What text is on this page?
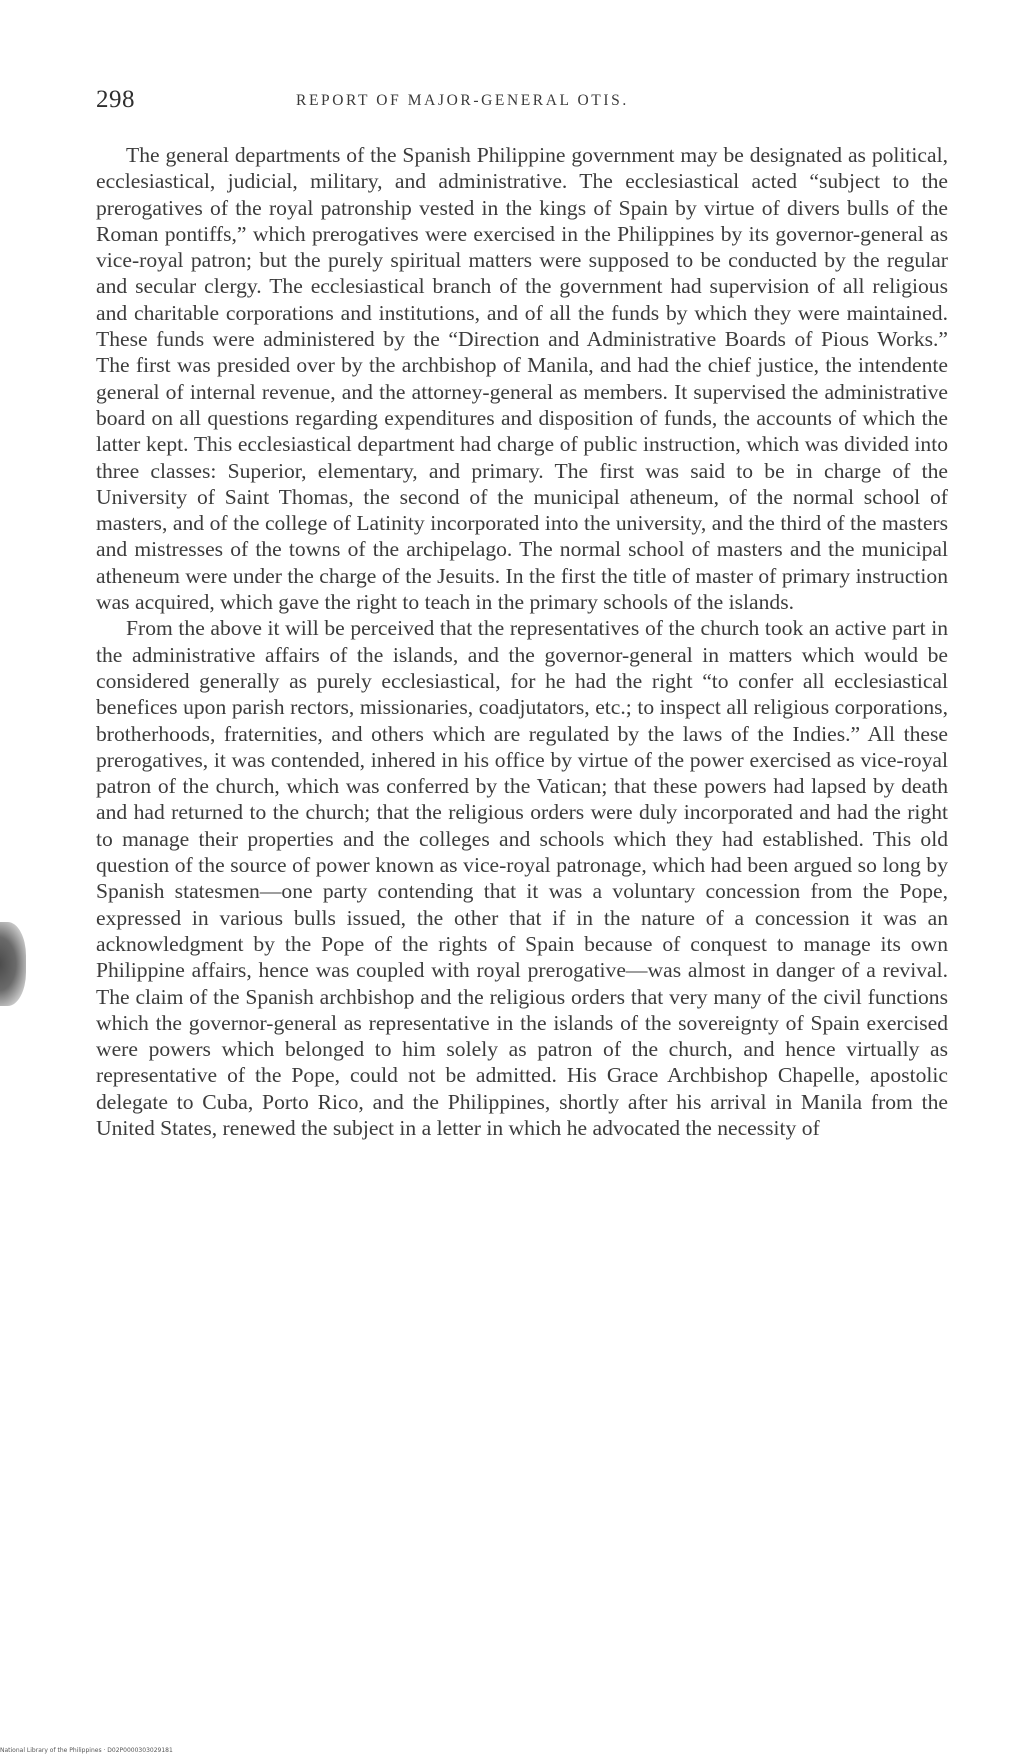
298	REPORT OF MAJOR-GENERAL OTIS.

The general departments of the Spanish Philippine government may be designated as political, ecclesiastical, judicial, military, and administrative. The ecclesiastical acted “subject to the prerogatives of the royal patronship vested in the kings of Spain by virtue of divers bulls of the Roman pontiffs,” which prerogatives were exercised in the Philippines by its governor-general as vice-royal patron; but the purely spiritual matters were supposed to be conducted by the regular and secular clergy. The ecclesiastical branch of the government had supervision of all religious and charitable corporations and institutions, and of all the funds by which they were maintained. These funds were administered by the “Direction and Administrative Boards of Pious Works.” The first was presided over by the archbishop of Manila, and had the chief justice, the intendente general of internal revenue, and the attorney-general as members. It supervised the administrative board on all questions regarding expenditures and disposition of funds, the accounts of which the latter kept. This ecclesiastical department had charge of public instruction, which was divided into three classes: Superior, elementary, and primary. The first was said to be in charge of the University of Saint Thomas, the second of the municipal atheneum, of the normal school of masters, and of the college of Latinity incorporated into the university, and the third of the masters and mistresses of the towns of the archipelago. The normal school of masters and the municipal atheneum were under the charge of the Jesuits. In the first the title of master of primary instruction was acquired, which gave the right to teach in the primary schools of the islands.

From the above it will be perceived that the representatives of the church took an active part in the administrative affairs of the islands, and the governor-general in matters which would be considered generally as purely ecclesiastical, for he had the right “to confer all ecclesiastical benefices upon parish rectors, missionaries, coadjutators, etc.; to inspect all religious corporations, brotherhoods, fraternities, and others which are regulated by the laws of the Indies.” All these prerogatives, it was contended, inhered in his office by virtue of the power exercised as vice-royal patron of the church, which was conferred by the Vatican; that these powers had lapsed by death and had returned to the church; that the religious orders were duly incorporated and had the right to manage their properties and the colleges and schools which they had established. This old question of the source of power known as vice-royal patronage, which had been argued so long by Spanish statesmen—one party contending that it was a voluntary concession from the Pope, expressed in various bulls issued, the other that if in the nature of a concession it was an acknowledgment by the Pope of the rights of Spain because of conquest to manage its own Philippine affairs, hence was coupled with royal prerogative—was almost in danger of a revival. The claim of the Spanish archbishop and the religious orders that very many of the civil functions which the governor-general as representative in the islands of the sovereignty of Spain exercised were powers which belonged to him solely as patron of the church, and hence virtually as representative of the Pope, could not be admitted. His Grace Archbishop Chapelle, apostolic delegate to Cuba, Porto Rico, and the Philippines, shortly after his arrival in Manila from the United States, renewed the subject in a letter in which he advocated the necessity of

National Library of the Philippines · D02P0000303029181
